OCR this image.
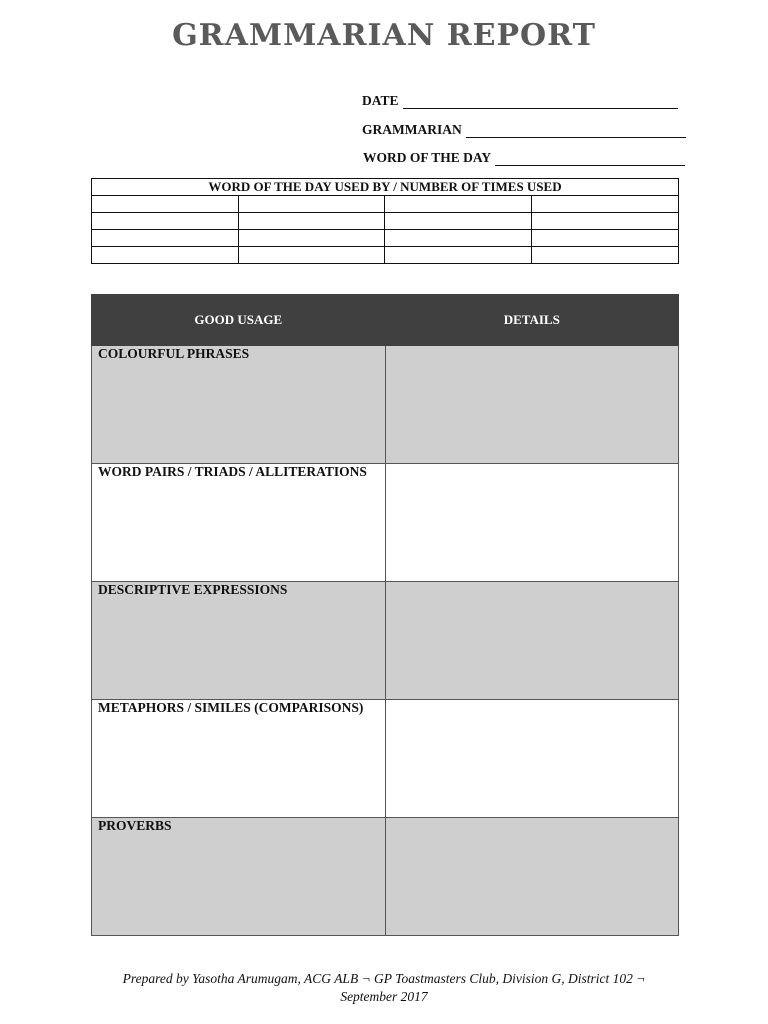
GRAMMARIAN REPORT
DATE
GRAMMARIAN
WORD OF THE DAY
WORD OF THE DAY USED BY / NUMBER OF TIMES USED			

GOOD USAGE	DETAILS

COLOURFUL PHRASES	

WORD PAIRS / TRIADS / ALLITERATIONS	

DESCRIPTIVE EXPRESSIONS	

METAPHORS / SIMILES (COMPARISONS)	

PROVERBS	

Prepared by Yasotha Arumugam, ACG ALB ¬ GP Toastmasters Club, Division G, District 102 ¬
September 2017
